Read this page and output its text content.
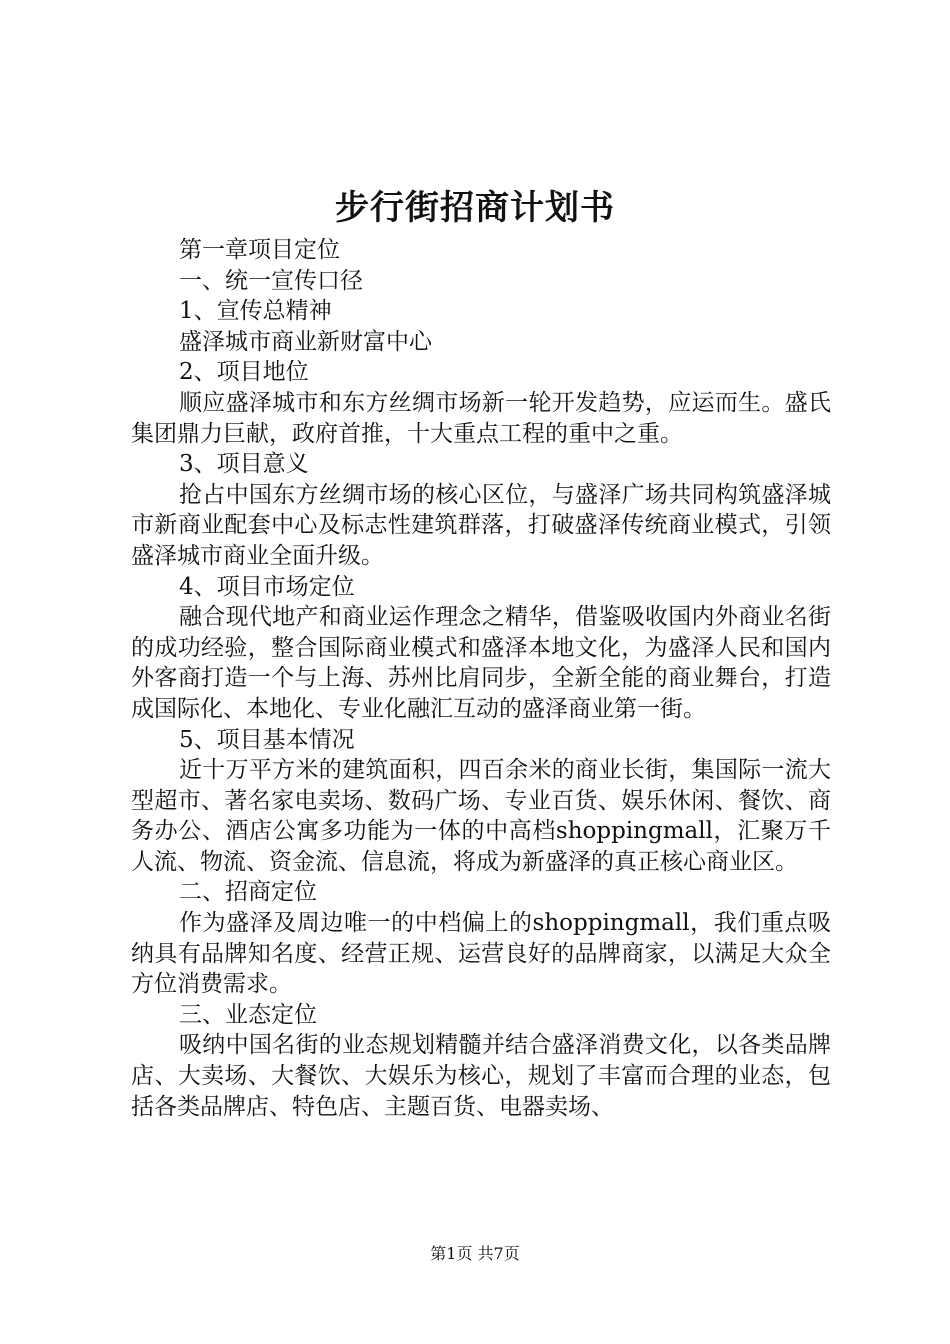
步行街招商计划书

第一章项目定位

一、统一宣传口径

1、宣传总精神

盛泽城市商业新财富中心

2、项目地位

顺应盛泽城市和东方丝绸市场新一轮开发趋势，应运而生。盛氏集团鼎力巨献，政府首推，十大重点工程的重中之重。

3、项目意义

抢占中国东方丝绸市场的核心区位，与盛泽广场共同构筑盛泽城市新商业配套中心及标志性建筑群落，打破盛泽传统商业模式，引领盛泽城市商业全面升级。

4、项目市场定位

融合现代地产和商业运作理念之精华，借鉴吸收国内外商业名街的成功经验，整合国际商业模式和盛泽本地文化，为盛泽人民和国内外客商打造一个与上海、苏州比肩同步，全新全能的商业舞台，打造成国际化、本地化、专业化融汇互动的盛泽商业第一街。

5、项目基本情况

近十万平方米的建筑面积，四百余米的商业长街，集国际一流大型超市、著名家电卖场、数码广场、专业百货、娱乐休闲、餐饮、商务办公、酒店公寓多功能为一体的中高档shoppingmall，汇聚万千人流、物流、资金流、信息流，将成为新盛泽的真正核心商业区。

二、招商定位

作为盛泽及周边唯一的中档偏上的shoppingmall，我们重点吸纳具有品牌知名度、经营正规、运营良好的品牌商家，以满足大众全方位消费需求。

三、业态定位

吸纳中国名街的业态规划精髓并结合盛泽消费文化，以各类品牌店、大卖场、大餐饮、大娱乐为核心，规划了丰富而合理的业态，包括各类品牌店、特色店、主题百货、电器卖场、

第1页 共7页
